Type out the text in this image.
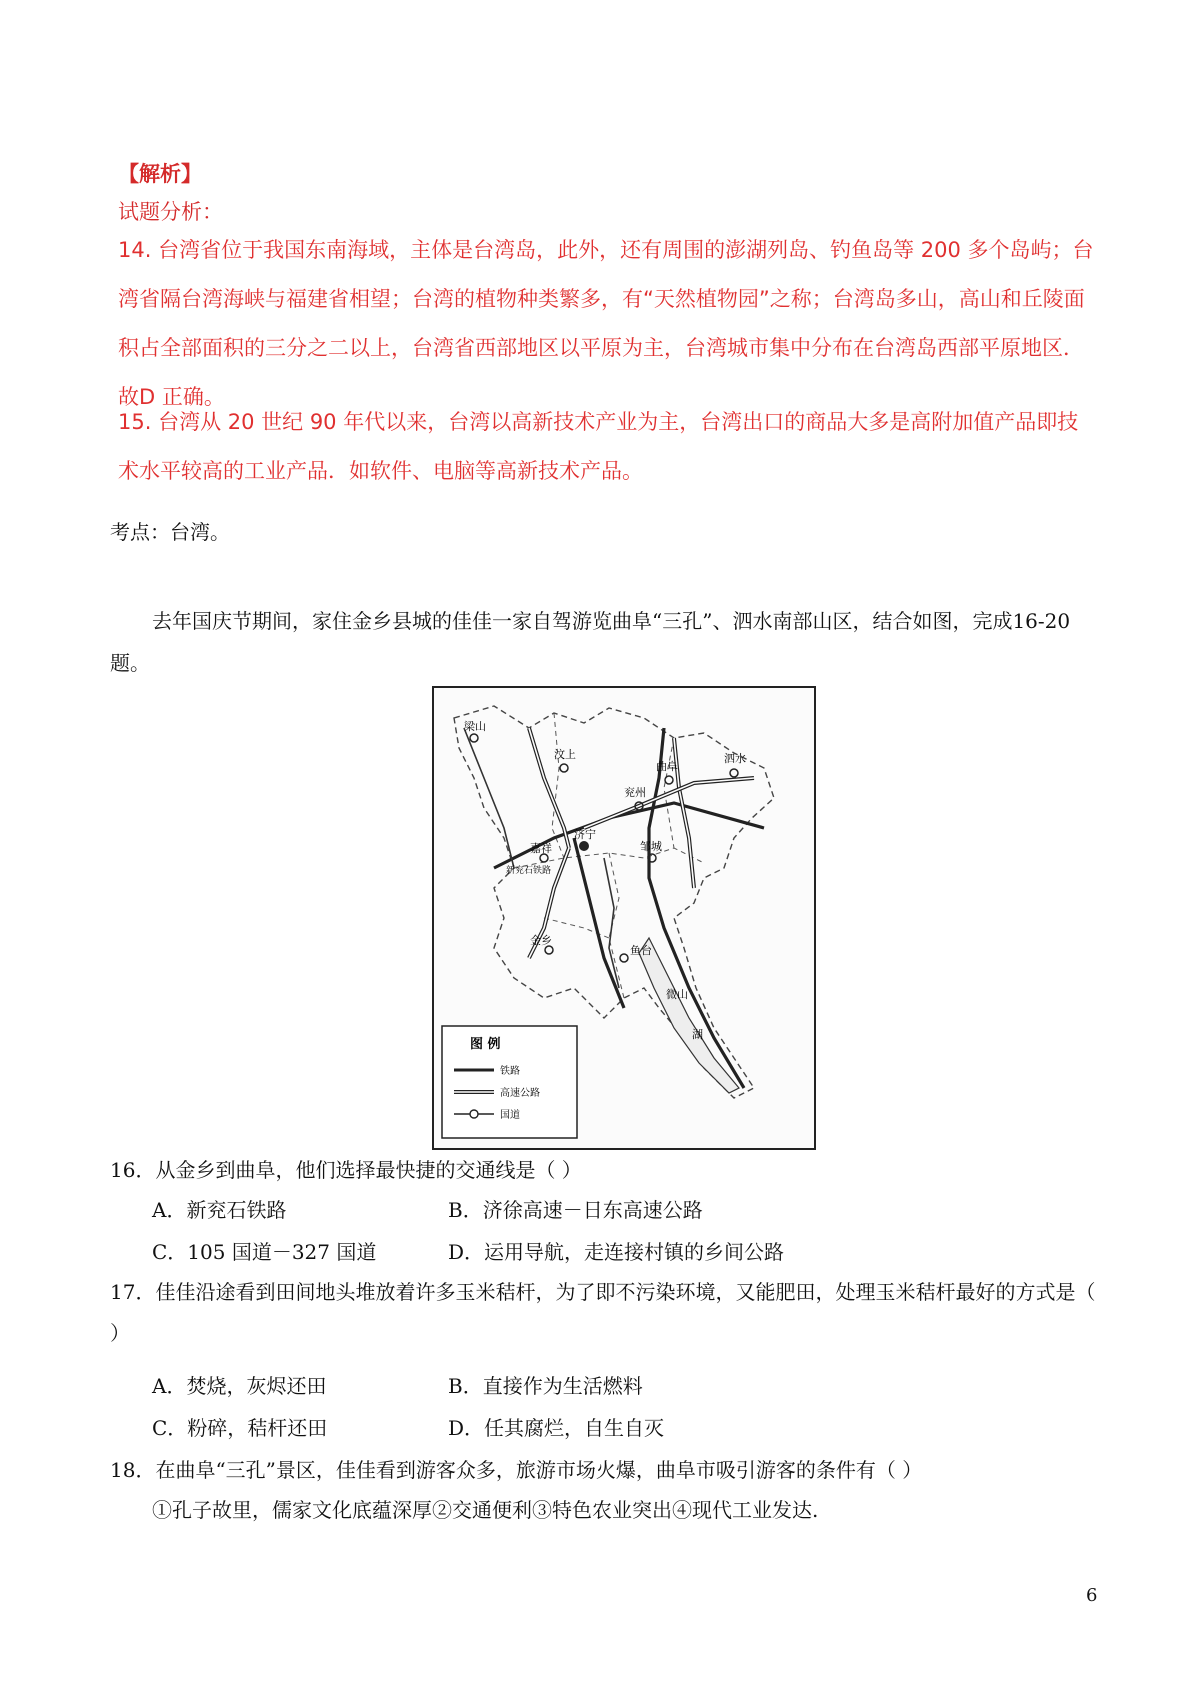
【解析】
试题分析：
14. 台湾省位于我国东南海域，主体是台湾岛，此外，还有周围的澎湖列岛、钓鱼岛等 200 多个岛屿；台湾省隔台湾海峡与福建省相望；台湾的植物种类繁多，有“天然植物园”之称；台湾岛多山，高山和丘陵面积占全部面积的三分之二以上，台湾省西部地区以平原为主，台湾城市集中分布在台湾岛西部平原地区．故D 正确。
15. 台湾从 20 世纪 90 年代以来，台湾以高新技术产业为主，台湾出口的商品大多是高附加值产品即技术水平较高的工业产品．如软件、电脑等高新技术产品。
考点：台湾。
去年国庆节期间，家住金乡县城的佳佳一家自驾游览曲阜“三孔”、泗水南部山区，结合如图，完成16-20题。
泗水
曲阜
兖州
汶上
济宁
嘉祥	邹城
鱼台
金乡
梁山
微山
湖
新兖石铁路
图 例
铁路
高速公路
国道
16．从金乡到曲阜，他们选择最快捷的交通线是（ ）
A．新兖石铁路	B．济徐高速－日东高速公路
C．105 国道－327 国道	D．运用导航，走连接村镇的乡间公路
17．佳佳沿途看到田间地头堆放着许多玉米秸杆，为了即不污染环境，又能肥田，处理玉米秸杆最好的方式是（ ）
A．焚烧，灰烬还田	B．直接作为生活燃料
C．粉碎，秸杆还田	D．任其腐烂，自生自灭
18．在曲阜“三孔”景区，佳佳看到游客众多，旅游市场火爆，曲阜市吸引游客的条件有（ ）
①孔子故里，儒家文化底蕴深厚②交通便利③特色农业突出④现代工业发达.
6
